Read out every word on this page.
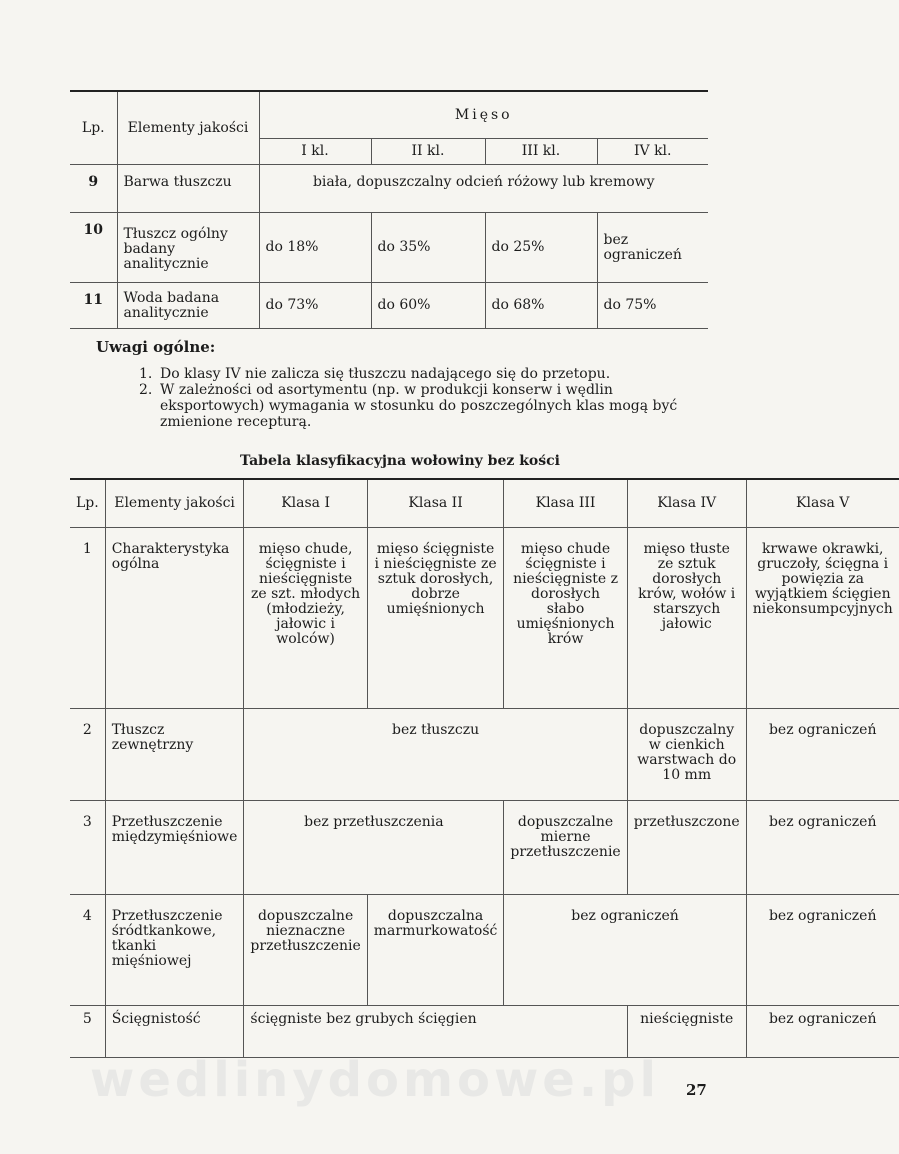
wedlinydomowe.pl
Lp.	Elementy jakości	Mięso			
		I kl.	II kl.	III kl.	IV kl.
9	Barwa tłuszczu	biała, dopuszczalny odcień różowy lub kremowy			
10	Tłuszcz ogólny badany analitycznie	do 18%	do 35%	do 25%	bez ograniczeń
11	Woda badana analitycznie	do 73%	do 60%	do 68%	do 75%
Uwagi ogólne:
1. Do klasy IV nie zalicza się tłuszczu nadającego się do przetopu.
2. W zależności od asortymentu (np. w produkcji konserw i wędlin eksportowych) wymagania w stosunku do poszczególnych klas mogą być zmienione recepturą.
Tabela klasyfikacyjna wołowiny bez kości
Lp.	Elementy jakości	Klasa I	Klasa II	Klasa III	Klasa IV	Klasa V
1	Charakterystyka ogólna	mięso chude, ścięgniste i nieścięgniste ze szt. młodych (młodzieży, jałowic i wolców)	mięso ścięgniste i nieścięgniste ze sztuk dorosłych, dobrze umięśnionych	mięso chude ścięgniste i nieścięgniste z dorosłych słabo umięśnionych krów	mięso tłuste ze sztuk dorosłych krów, wołów i starszych jałowic	krwawe okrawki, gruczoły, ścięgna i powięzia za wyjątkiem ścięgien niekonsumpcyjnych
2	Tłuszcz zewnętrzny	bez tłuszczu			dopuszczalny w cienkich warstwach do 10 mm	bez ograniczeń
3	Przetłuszczenie międzymięśniowe	bez przetłuszczenia		dopuszczalne mierne przetłuszczenie	przetłuszczone	bez ograniczeń
4	Przetłuszczenie śródtkankowe, tkanki mięśniowej	dopuszczalne nieznaczne przetłuszczenie	dopuszczalna marmurkowatość	bez ograniczeń		bez ograniczeń
5	Ścięgnistość	ścięgniste bez grubych ścięgien			nieścięgniste	bez ograniczeń
27
